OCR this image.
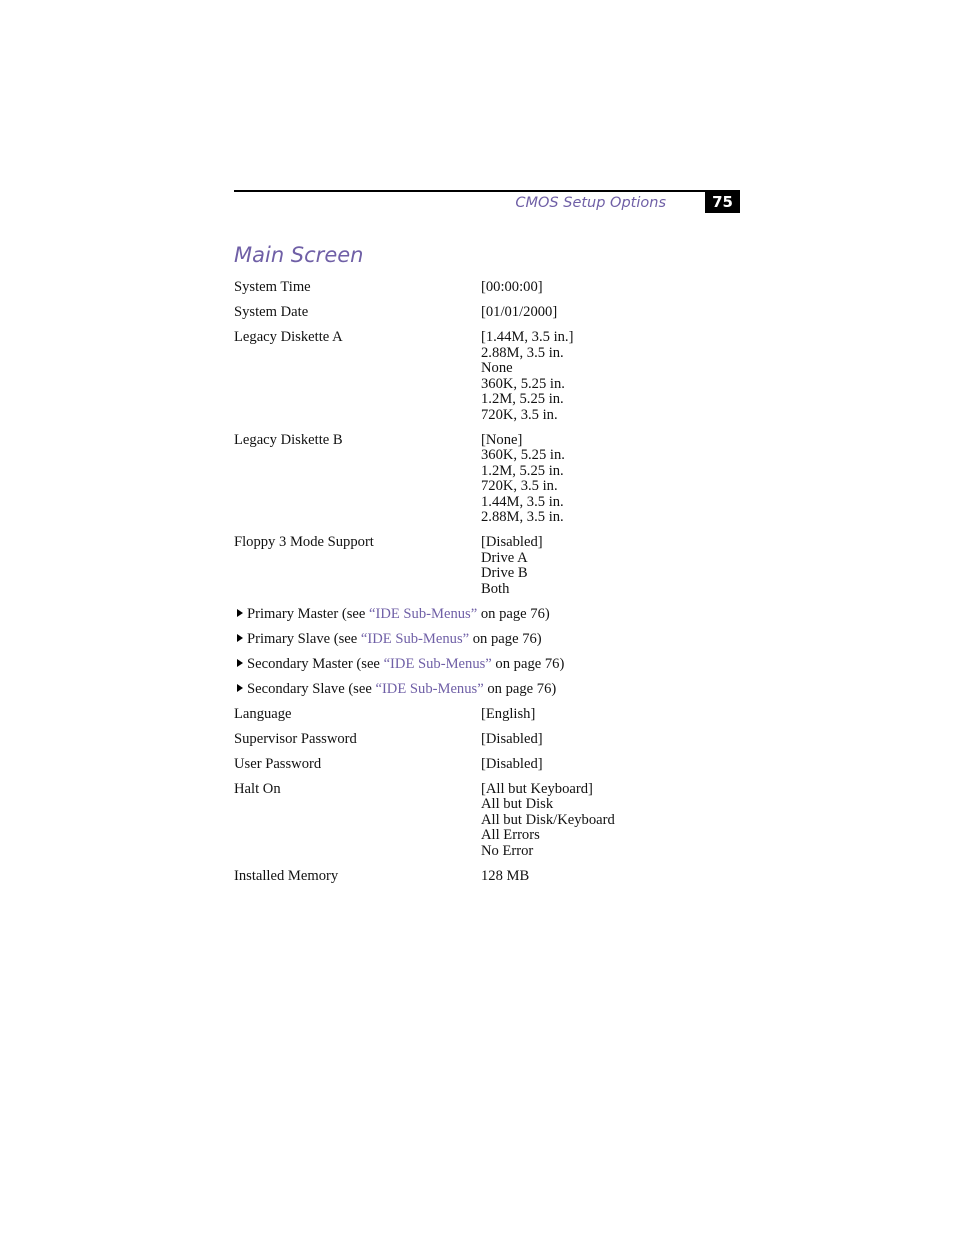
CMOS Setup Options	75
Main Screen
System Time	[00:00:00]
System Date	[01/01/2000]
Legacy Diskette A	[1.44M, 3.5 in.]
2.88M, 3.5 in.
None
360K, 5.25 in.
1.2M, 5.25 in.
720K, 3.5 in.
Legacy Diskette B	[None]
360K, 5.25 in.
1.2M, 5.25 in.
720K, 3.5 in.
1.44M, 3.5 in.
2.88M, 3.5 in.
Floppy 3 Mode Support	[Disabled]
Drive A
Drive B
Both
Primary Master (see “IDE Sub-Menus” on page 76)
Primary Slave (see “IDE Sub-Menus” on page 76)
Secondary Master (see “IDE Sub-Menus” on page 76)
Secondary Slave (see “IDE Sub-Menus” on page 76)
Language	[English]
Supervisor Password	[Disabled]
User Password	[Disabled]
Halt On	[All but Keyboard]
All but Disk
All but Disk/Keyboard
All Errors
No Error
Installed Memory	128 MB
